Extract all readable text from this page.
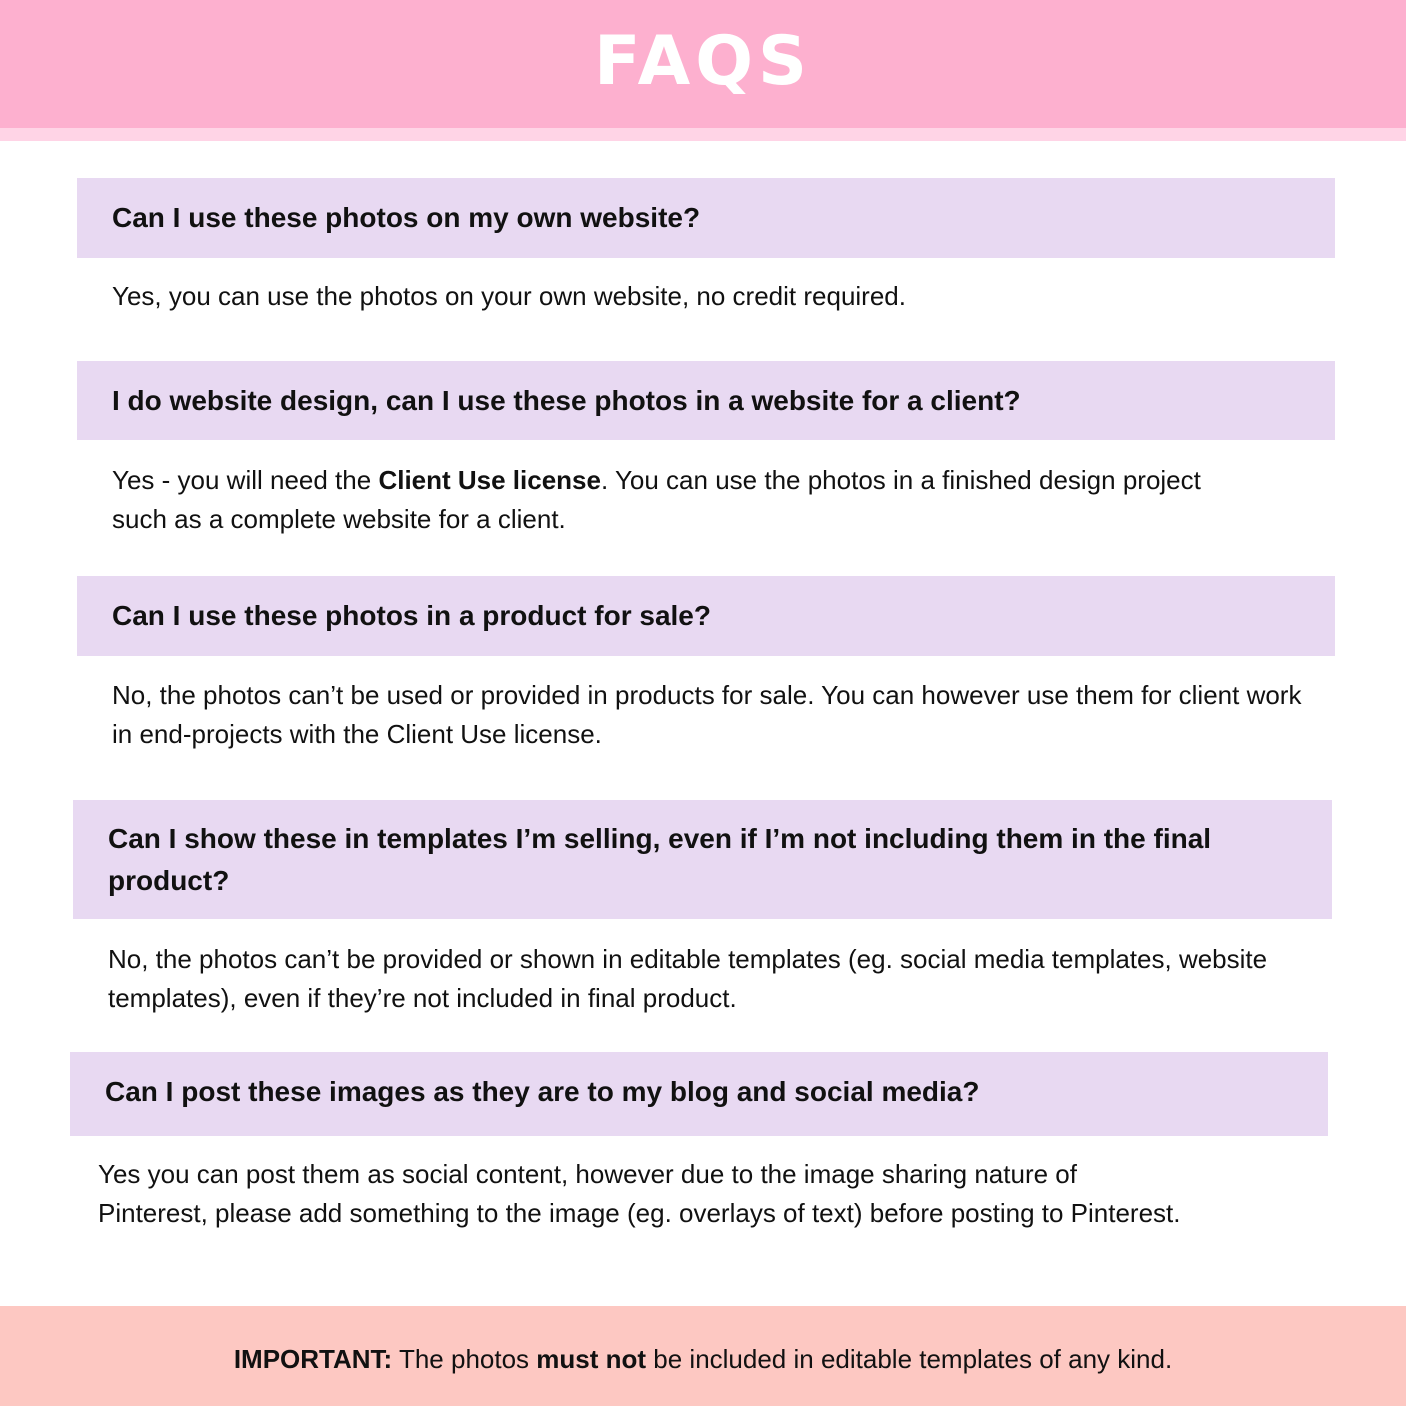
FAQS

Can I use these photos on my own website?

Yes, you can use the photos on your own website, no credit required.

I do website design, can I use these photos in a website for a client?

Yes - you will need the Client Use license. You can use the photos in a finished design project such as a complete website for a client.

Can I use these photos in a product for sale?

No, the photos can’t be used or provided in products for sale. You can however use them for client work in end-projects with the Client Use license.

Can I show these in templates I’m selling, even if I’m not including them in the final product?

No, the photos can’t be provided or shown in editable templates (eg. social media templates, website templates), even if they’re not included in final product.

Can I post these images as they are to my blog and social media?

Yes you can post them as social content, however due to the image sharing nature of Pinterest, please add something to the image (eg. overlays of text) before posting to Pinterest.

IMPORTANT: The photos must not be included in editable templates of any kind.
